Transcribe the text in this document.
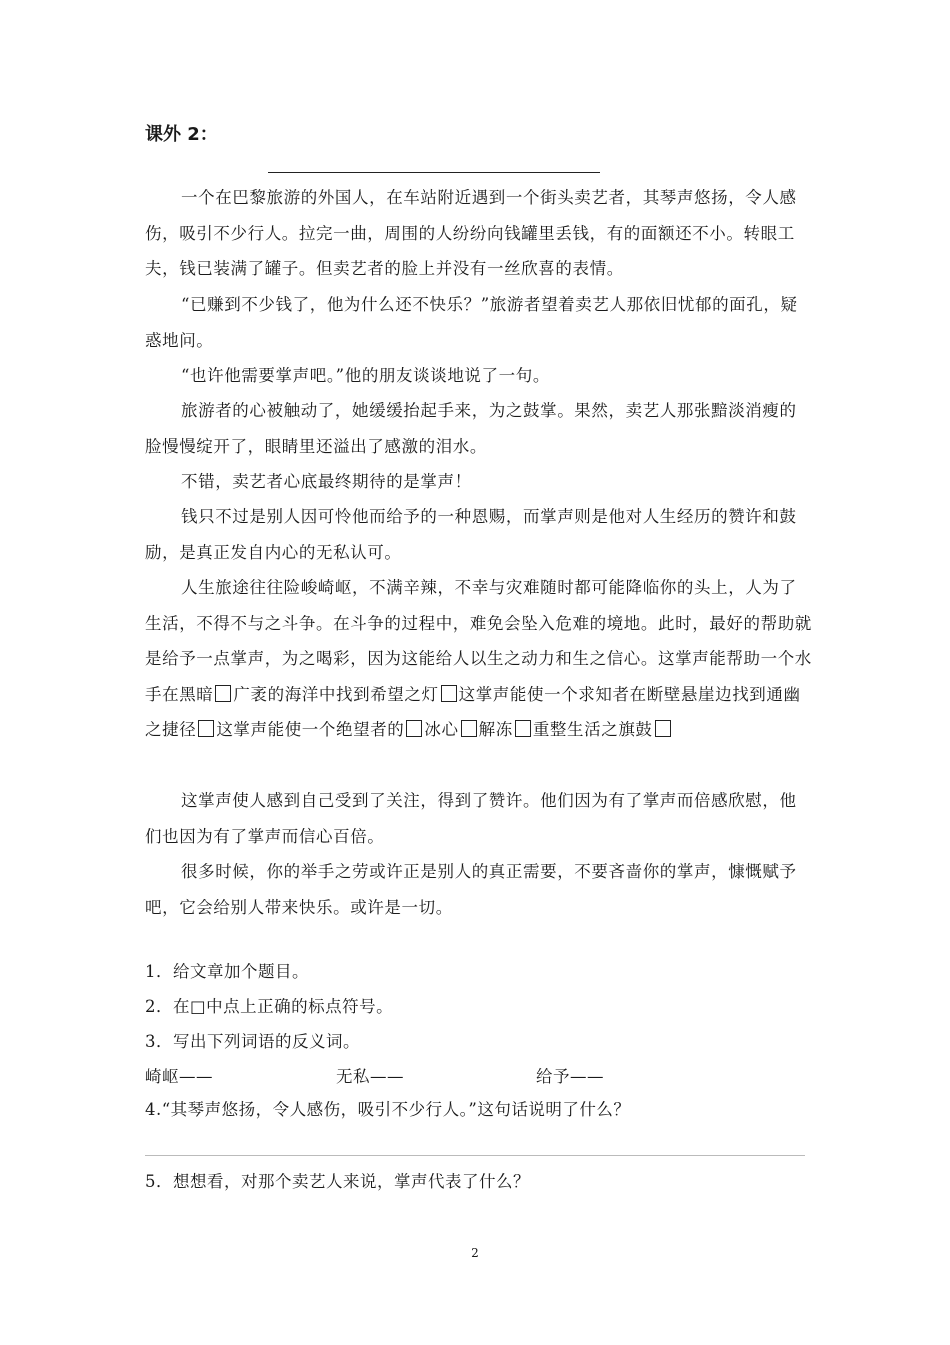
课外 2：

一个在巴黎旅游的外国人，在车站附近遇到一个街头卖艺者，其琴声悠扬，令人感伤，吸引不少行人。拉完一曲，周围的人纷纷向钱罐里丢钱，有的面额还不小。转眼工夫，钱已装满了罐子。但卖艺者的脸上并没有一丝欣喜的表情。

“已赚到不少钱了，他为什么还不快乐？”旅游者望着卖艺人那依旧忧郁的面孔，疑惑地问。

“也许他需要掌声吧。”他的朋友谈谈地说了一句。

旅游者的心被触动了，她缓缓抬起手来，为之鼓掌。果然，卖艺人那张黯淡消瘦的脸慢慢绽开了，眼睛里还溢出了感激的泪水。

不错，卖艺者心底最终期待的是掌声！

钱只不过是别人因可怜他而给予的一种恩赐，而掌声则是他对人生经历的赞许和鼓励，是真正发自内心的无私认可。

人生旅途往往险峻崎岖，不满辛辣，不幸与灾难随时都可能降临你的头上，人为了生活，不得不与之斗争。在斗争的过程中，难免会坠入危难的境地。此时，最好的帮助就是给予一点掌声，为之喝彩，因为这能给人以生之动力和生之信心。这掌声能帮助一个水手在黑暗 广袤的海洋中找到希望之灯 这掌声能使一个求知者在断壁悬崖边找到通幽之捷径 这掌声能使一个绝望者的 冰心 解冻 重整生活之旗鼓

这掌声使人感到自己受到了关注，得到了赞许。他们因为有了掌声而倍感欣慰，他们也因为有了掌声而信心百倍。

很多时候，你的举手之劳或许正是别人的真正需要，不要吝啬你的掌声，慷慨赋予吧，它会给别人带来快乐。或许是一切。

1．给文章加个题目。

2．在□中点上正确的标点符号。

3．写出下列词语的反义词。

崎岖——	无私——	给予——

4.“其琴声悠扬，令人感伤，吸引不少行人。”这句话说明了什么？

5．想想看，对那个卖艺人来说，掌声代表了什么？

2
